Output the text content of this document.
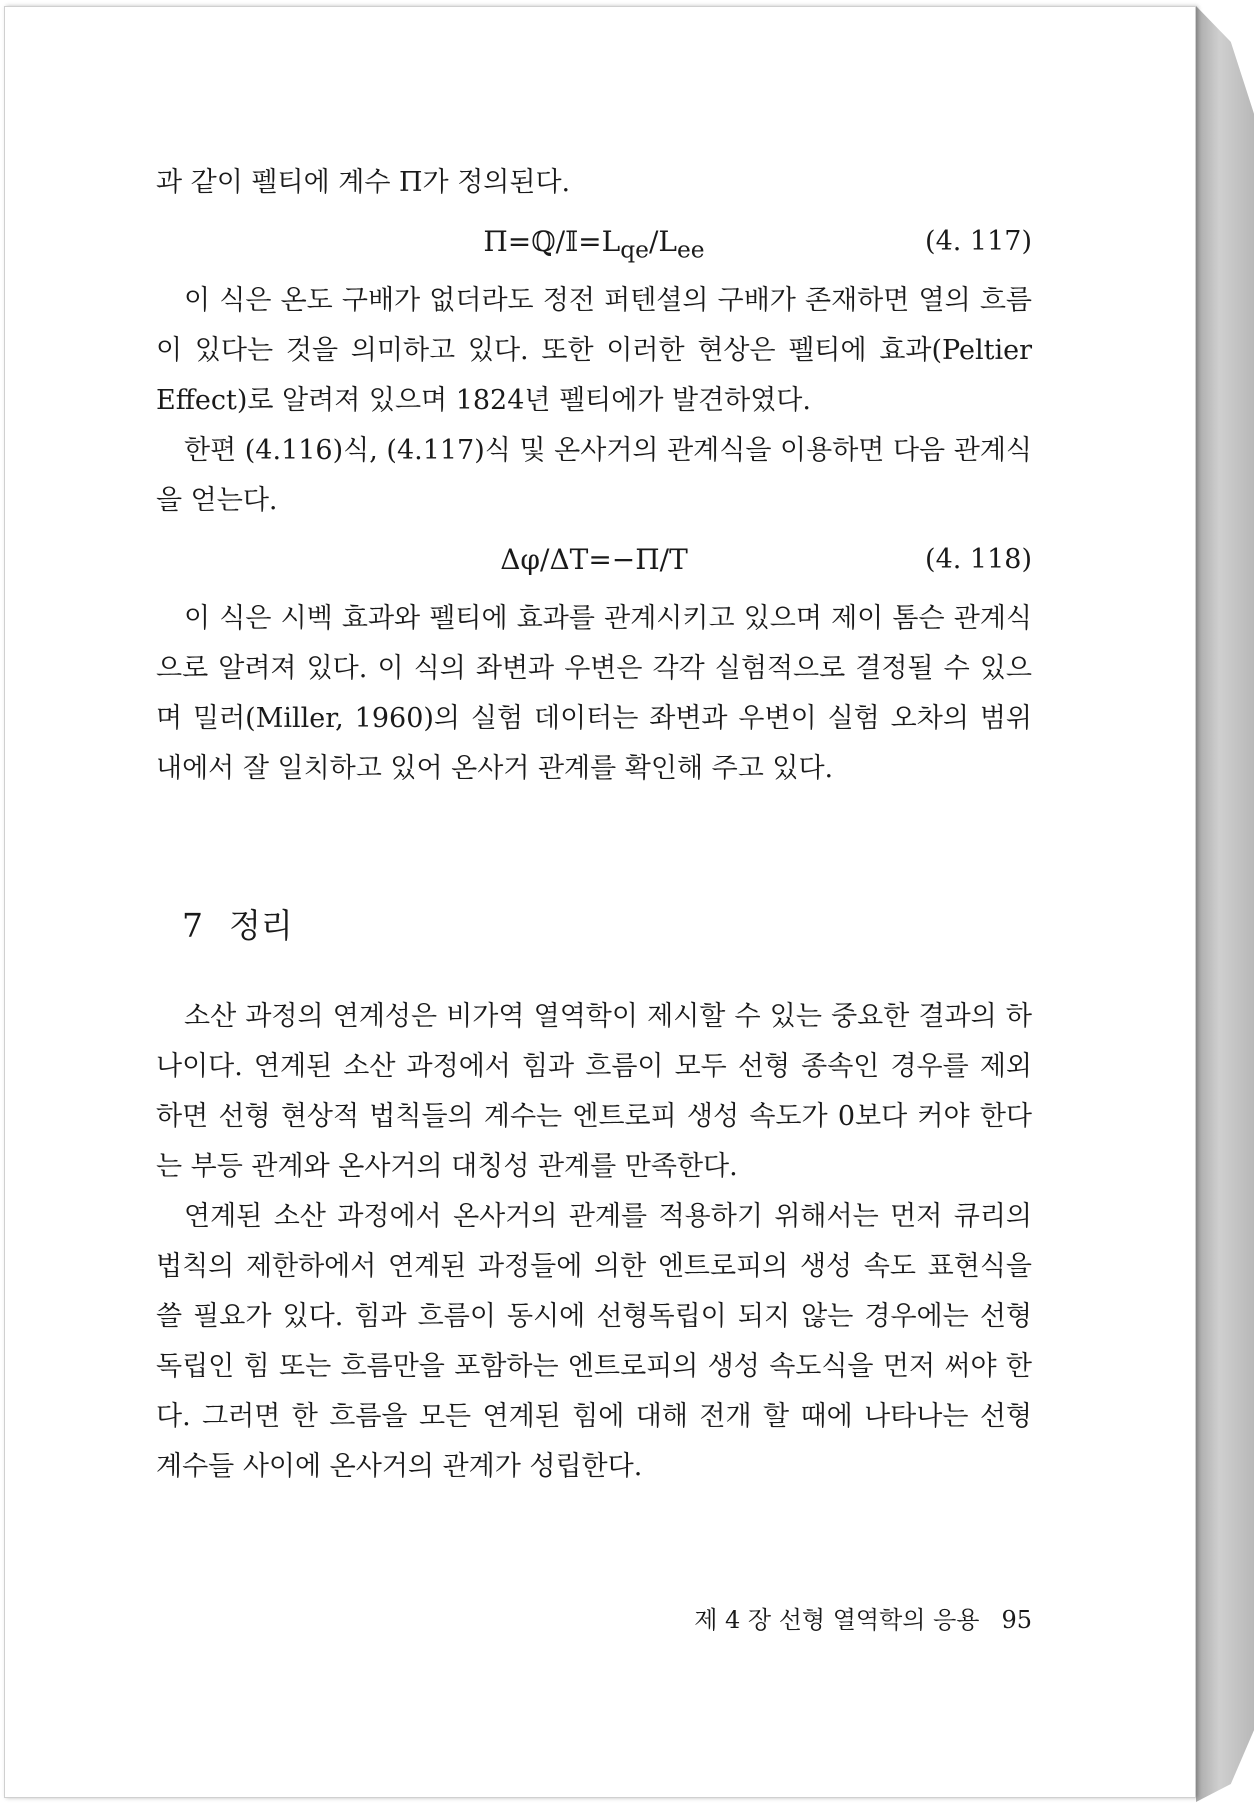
과 같이 펠티에 계수 Π가 정의된다.

$\Pi=ℚ/𝕀=L_{qe}/L_{ee}$	(4. 117)

이 식은 온도 구배가 없더라도 정전 퍼텐셜의 구배가 존재하면 열의 흐름이 있다는 것을 의미하고 있다. 또한 이러한 현상은 펠티에 효과(Peltier Effect)로 알려져 있으며 1824년 펠티에가 발견하였다.

한편 (4.116)식, (4.117)식 및 온사거의 관계식을 이용하면 다음 관계식을 얻는다.

Δφ/ΔT=−Π/T	(4. 118)

이 식은 시벡 효과와 펠티에 효과를 관계시키고 있으며 제이 톰슨 관계식으로 알려져 있다. 이 식의 좌변과 우변은 각각 실험적으로 결정될 수 있으며 밀러(Miller, 1960)의 실험 데이터는 좌변과 우변이 실험 오차의 범위내에서 잘 일치하고 있어 온사거 관계를 확인해 주고 있다.

7 정리

소산 과정의 연계성은 비가역 열역학이 제시할 수 있는 중요한 결과의 하나이다. 연계된 소산 과정에서 힘과 흐름이 모두 선형 종속인 경우를 제외하면 선형 현상적 법칙들의 계수는 엔트로피 생성 속도가 0보다 커야 한다는 부등 관계와 온사거의 대칭성 관계를 만족한다.

연계된 소산 과정에서 온사거의 관계를 적용하기 위해서는 먼저 큐리의 법칙의 제한하에서 연계된 과정들에 의한 엔트로피의 생성 속도 표현식을 쓸 필요가 있다. 힘과 흐름이 동시에 선형독립이 되지 않는 경우에는 선형독립인 힘 또는 흐름만을 포함하는 엔트로피의 생성 속도식을 먼저 써야 한다. 그러면 한 흐름을 모든 연계된 힘에 대해 전개 할 때에 나타나는 선형 계수들 사이에 온사거의 관계가 성립한다.

제 4 장 선형 열역학의 응용 95
